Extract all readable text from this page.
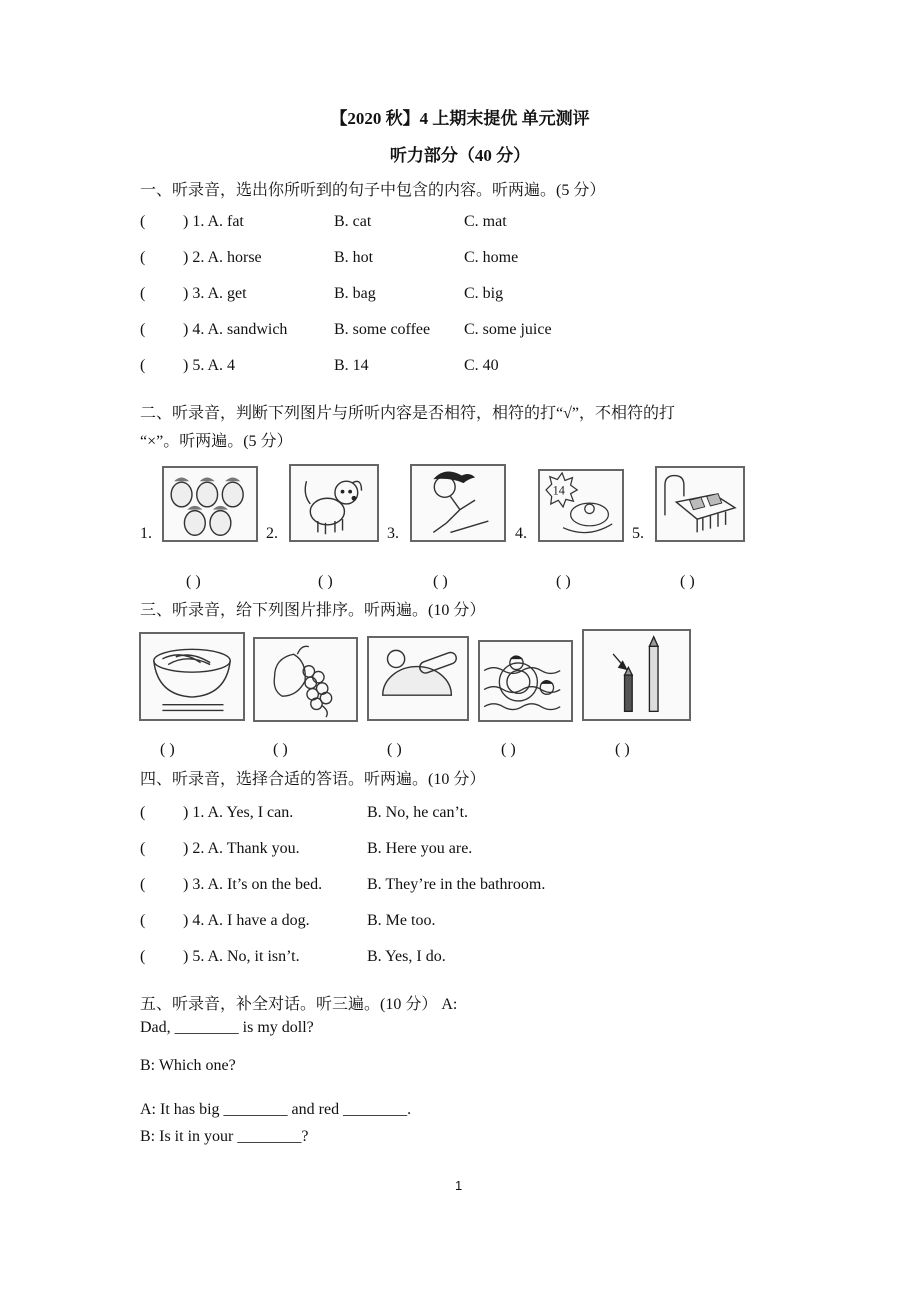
【2020 秋】4 上期末提优 单元测评
听力部分（40 分）
一、听录音，选出你所听到的句子中包含的内容。听两遍。(5 分）
( ) 1. A. fat	B. cat	C. mat
( ) 2. A. horse	B. hot	C. home
( ) 3. A. get	B. bag	C. big
( ) 4. A. sandwich	B. some coffee C. some juice
( ) 5. A. 4	B. 14	C. 40
二、听录音，判断下列图片与所听内容是否相符，相符的打“√”，不相符的打
“×”。听两遍。(5 分）
1.	2.	3.	4.
14
5.
( )	( )	( )	( )	( )
三、听录音，给下列图片排序。听两遍。(10 分）
( )	( )	( )	( )	( )
四、听录音，选择合适的答语。听两遍。(10 分）
( ) 1. A. Yes, I can.	B. No, he can’t.
( ) 2. A. Thank you.	B. Here you are.
( ) 3. A. It’s on the bed.	B. They’re in the bathroom.
( ) 4. A. I have a dog.	B. Me too.
( ) 5. A. No, it isn’t.	B. Yes, I do.
五、听录音，补全对话。听三遍。(10 分） A:
Dad, ________ is my doll?
B: Which one?
A: It has big ________ and red ________.
B: Is it in your ________?
1
